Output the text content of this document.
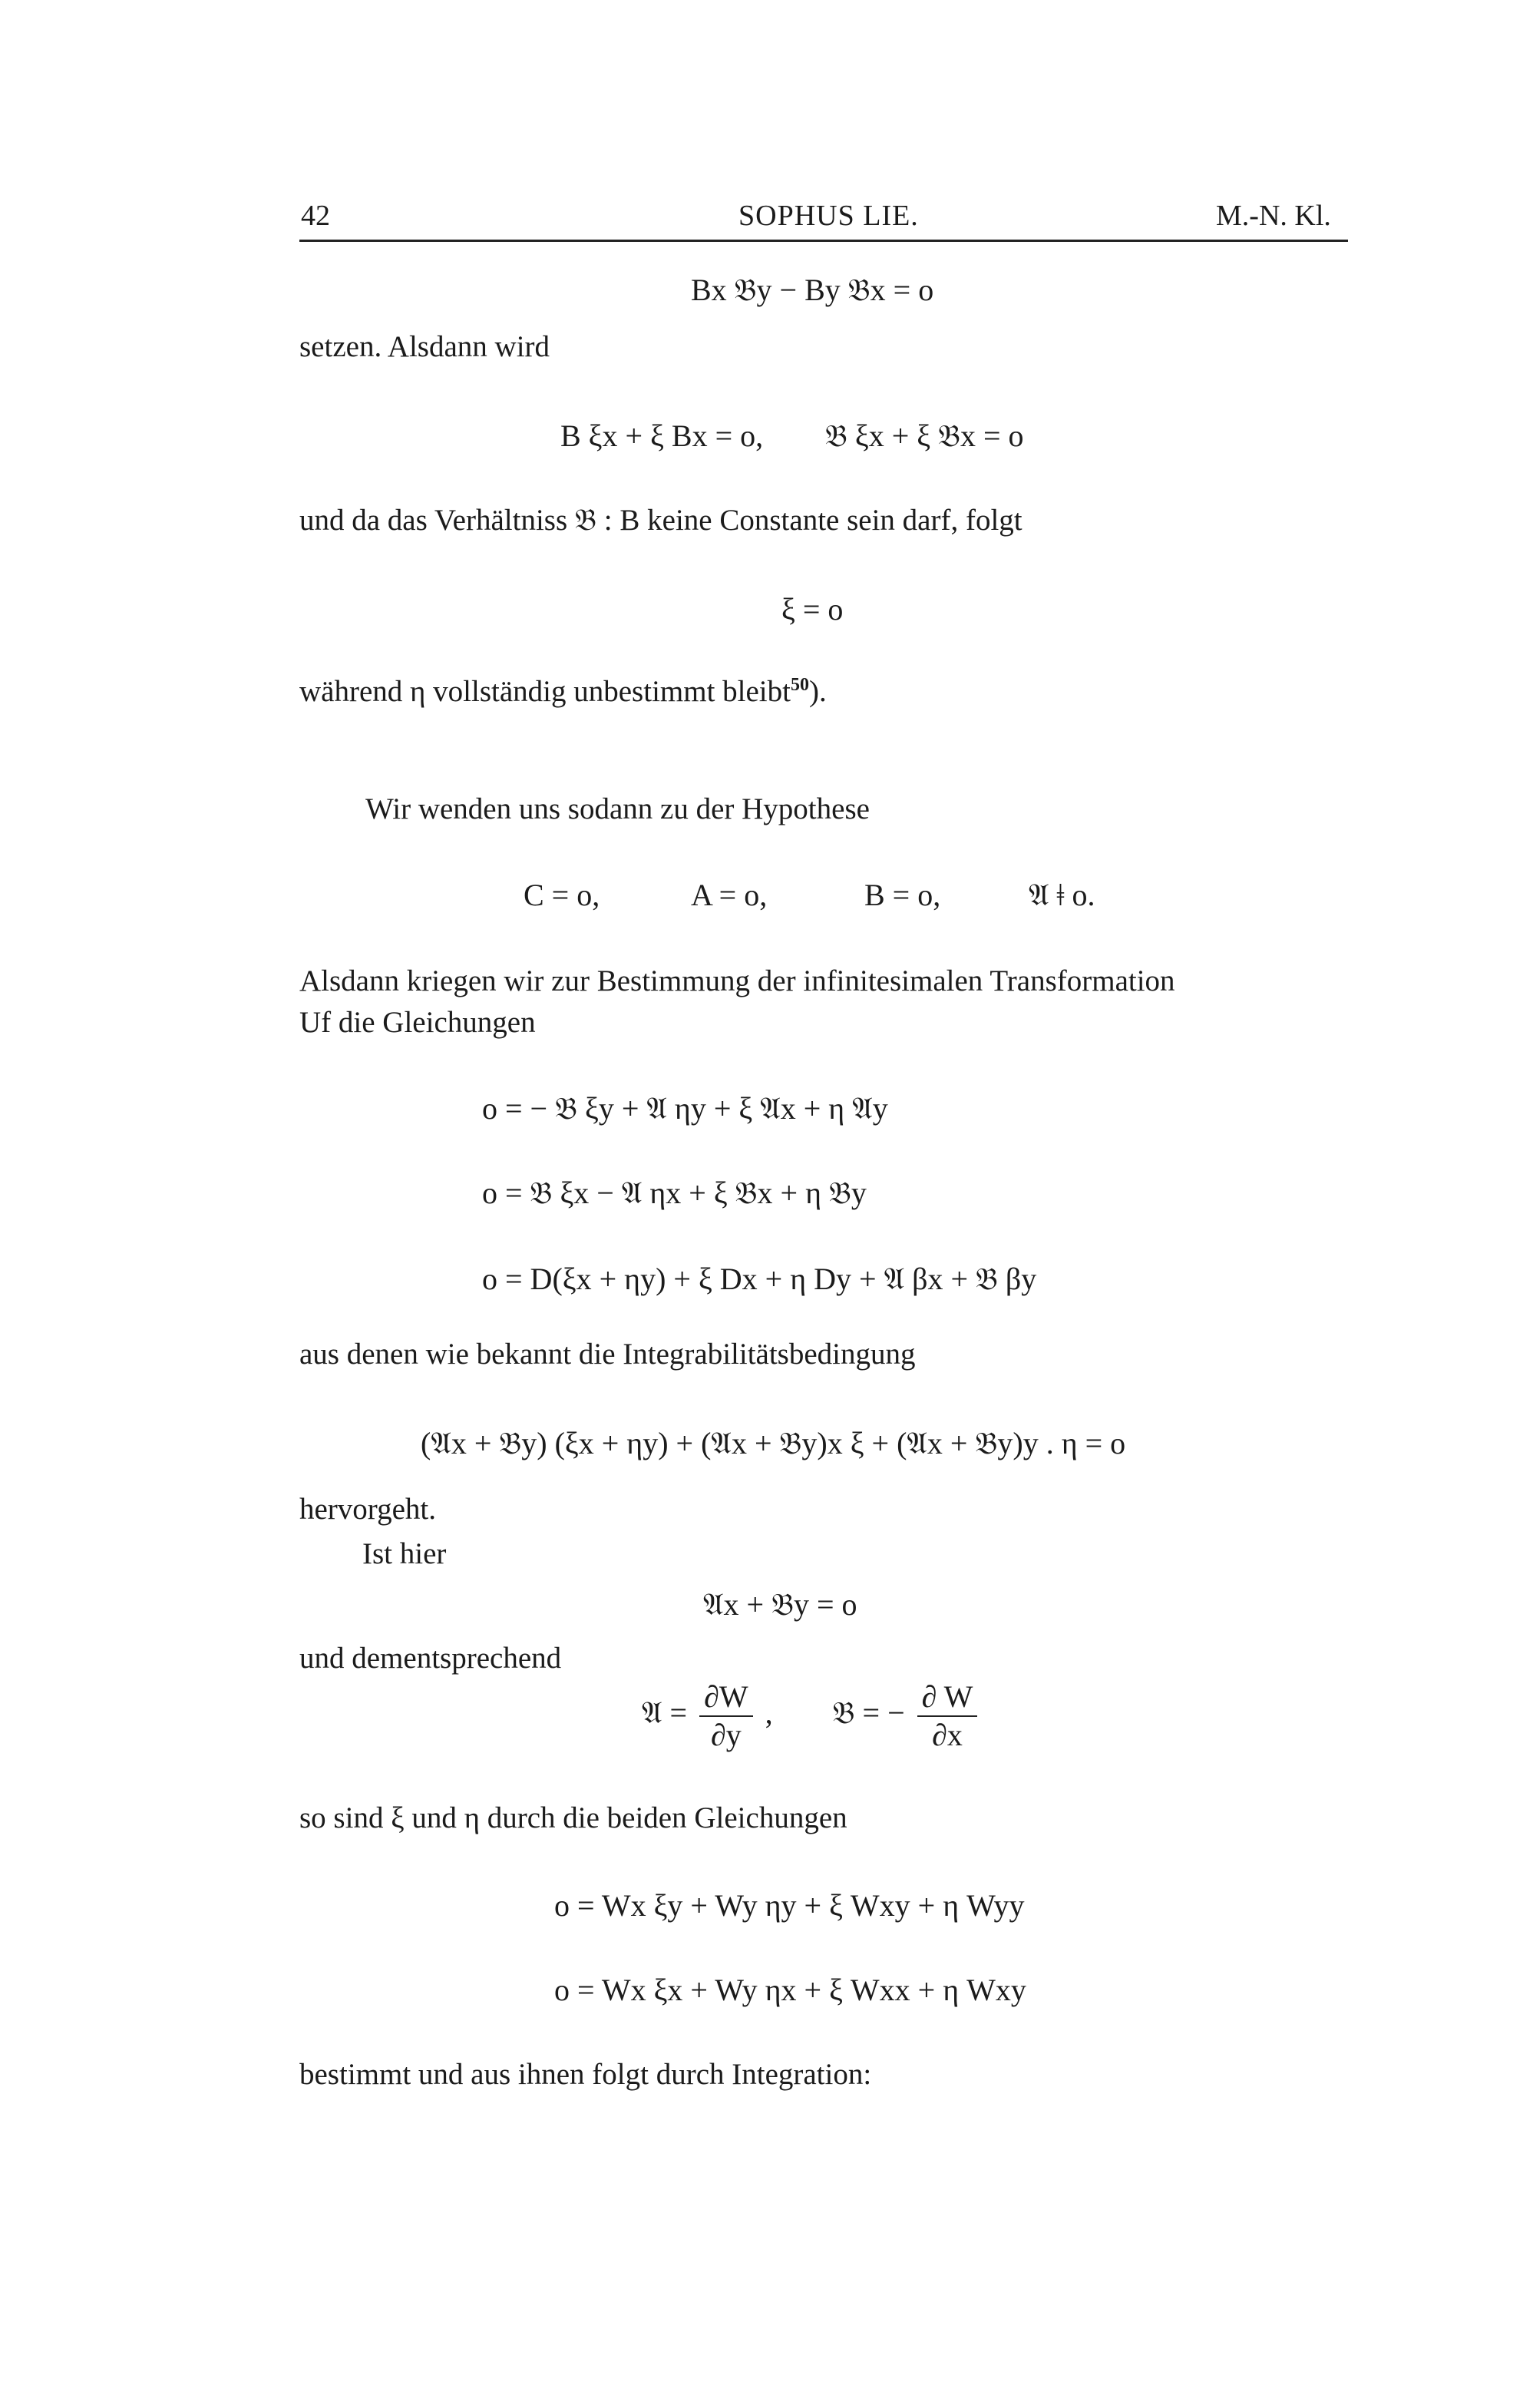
42	SOPHUS LIE.	M.-N. Kl.
Bx 𝔅y − By 𝔅x = o
setzen. Alsdann wird
B ξx + ξ Bx = o, 𝔅 ξx + ξ 𝔅x = o
und da das Verhältniss 𝔅 : B keine Constante sein darf, folgt
ξ = o
während η vollständig unbestimmt bleibt$^{50}$).
Wir wenden uns sodann zu der Hypothese
C = o,	A = o,	B = o,	𝔄 ǂ o.
Alsdann kriegen wir zur Bestimmung der infinitesimalen Transformation
Uf die Gleichungen
o = − 𝔅 ξy + 𝔄 ηy + ξ 𝔄x + η 𝔄y
o = 𝔅 ξx − 𝔄 ηx + ξ 𝔅x + η 𝔅y
o = D(ξx + ηy) + ξ Dx + η Dy + 𝔄 βx + 𝔅 βy
aus denen wie bekannt die Integrabilitätsbedingung
(𝔄x + 𝔅y) (ξx + ηy) + (𝔄x + 𝔅y)x ξ + (𝔄x + 𝔅y)y . η = o
hervorgeht.
Ist hier
𝔄x + 𝔅y = o
und dementsprechend
𝔄 = $\frac{\partial W}{\partial y}$ , 𝔅 = − $\frac{\partial W}{\partial x}$
so sind ξ und η durch die beiden Gleichungen
o = Wx ξy + Wy ηy + ξ Wxy + η Wyy
o = Wx ξx + Wy ηx + ξ Wxx + η Wxy
bestimmt und aus ihnen folgt durch Integration:
